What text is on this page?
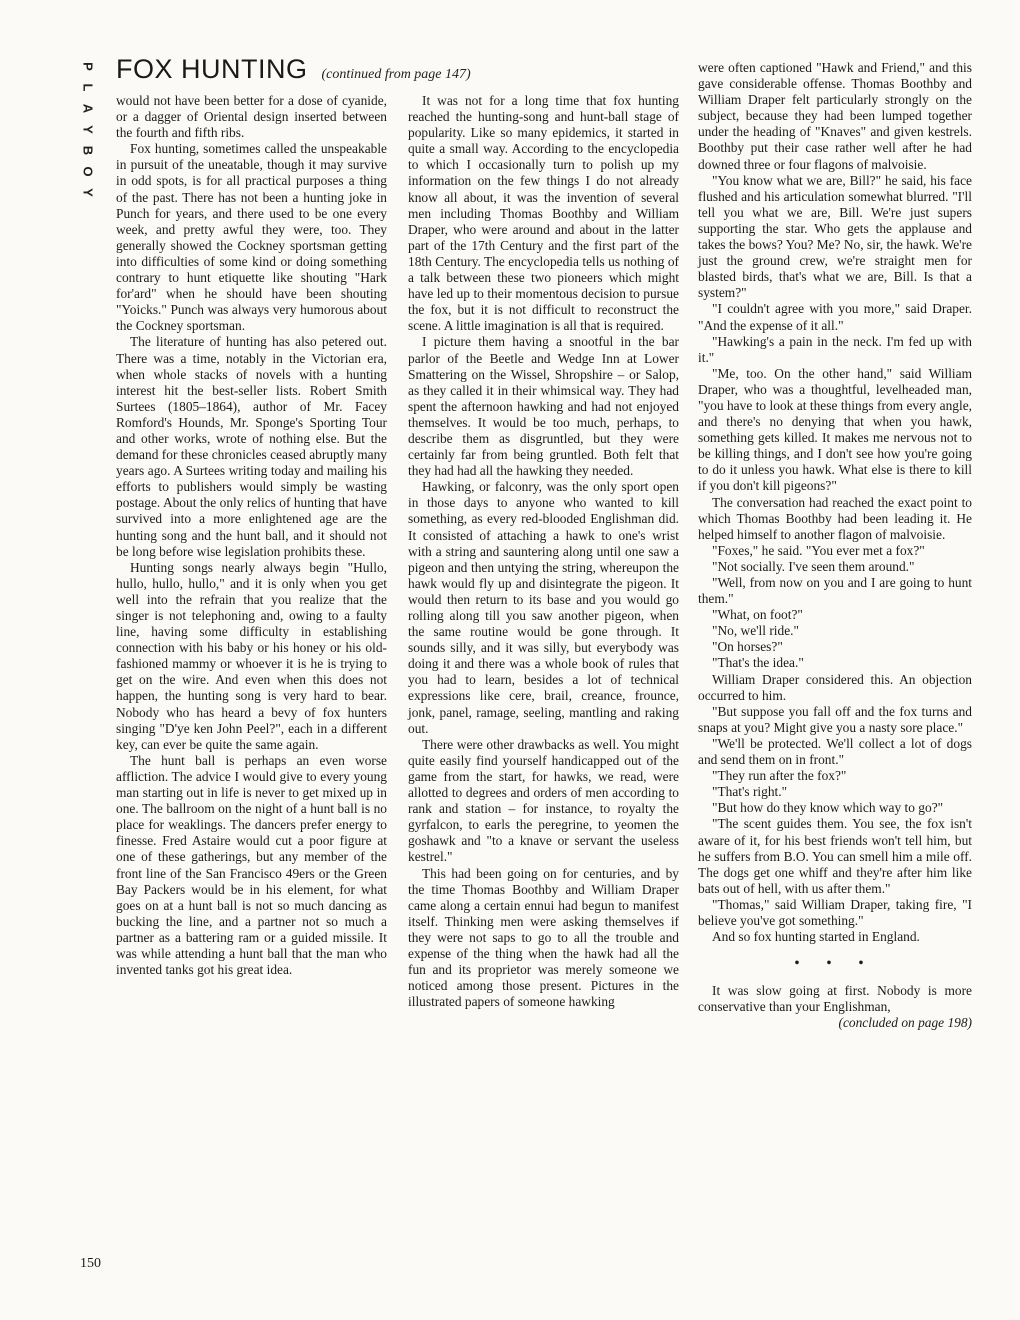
P
L
A
Y
B
O
Y
FOX HUNTING (continued from page 147)

would not have been better for a dose of cyanide, or a dagger of Oriental design inserted between the fourth and fifth ribs.

Fox hunting, sometimes called the unspeakable in pursuit of the uneatable, though it may survive in odd spots, is for all practical purposes a thing of the past. There has not been a hunting joke in Punch for years, and there used to be one every week, and pretty awful they were, too. They generally showed the Cockney sportsman getting into difficulties of some kind or doing something contrary to hunt etiquette like shouting "Hark for'ard" when he should have been shouting "Yoicks." Punch was always very humorous about the Cockney sportsman.

The literature of hunting has also petered out. There was a time, notably in the Victorian era, when whole stacks of novels with a hunting interest hit the best-seller lists. Robert Smith Surtees (1805–1864), author of Mr. Facey Romford's Hounds, Mr. Sponge's Sporting Tour and other works, wrote of nothing else. But the demand for these chronicles ceased abruptly many years ago. A Surtees writing today and mailing his efforts to publishers would simply be wasting postage. About the only relics of hunting that have survived into a more enlightened age are the hunting song and the hunt ball, and it should not be long before wise legislation prohibits these.

Hunting songs nearly always begin "Hullo, hullo, hullo, hullo," and it is only when you get well into the refrain that you realize that the singer is not telephoning and, owing to a faulty line, having some difficulty in establishing connection with his baby or his honey or his old-fashioned mammy or whoever it is he is trying to get on the wire. And even when this does not happen, the hunting song is very hard to bear. Nobody who has heard a bevy of fox hunters singing "D'ye ken John Peel?", each in a different key, can ever be quite the same again.

The hunt ball is perhaps an even worse affliction. The advice I would give to every young man starting out in life is never to get mixed up in one. The ballroom on the night of a hunt ball is no place for weaklings. The dancers prefer energy to finesse. Fred Astaire would cut a poor figure at one of these gatherings, but any member of the front line of the San Francisco 49ers or the Green Bay Packers would be in his element, for what goes on at a hunt ball is not so much dancing as bucking the line, and a partner not so much a partner as a battering ram or a guided missile. It was while attending a hunt ball that the man who invented tanks got his great idea.

It was not for a long time that fox hunting reached the hunting-song and hunt-ball stage of popularity. Like so many epidemics, it started in quite a small way. According to the encyclopedia to which I occasionally turn to polish up my information on the few things I do not already know all about, it was the invention of several men including Thomas Boothby and William Draper, who were around and about in the latter part of the 17th Century and the first part of the 18th Century. The encyclopedia tells us nothing of a talk between these two pioneers which might have led up to their momentous decision to pursue the fox, but it is not difficult to reconstruct the scene. A little imagination is all that is required.

I picture them having a snootful in the bar parlor of the Beetle and Wedge Inn at Lower Smattering on the Wissel, Shropshire – or Salop, as they called it in their whimsical way. They had spent the afternoon hawking and had not enjoyed themselves. It would be too much, perhaps, to describe them as disgruntled, but they were certainly far from being gruntled. Both felt that they had had all the hawking they needed.

Hawking, or falconry, was the only sport open in those days to anyone who wanted to kill something, as every red-blooded Englishman did. It consisted of attaching a hawk to one's wrist with a string and sauntering along until one saw a pigeon and then untying the string, whereupon the hawk would fly up and disintegrate the pigeon. It would then return to its base and you would go rolling along till you saw another pigeon, when the same routine would be gone through. It sounds silly, and it was silly, but everybody was doing it and there was a whole book of rules that you had to learn, besides a lot of technical expressions like cere, brail, creance, frounce, jonk, panel, ramage, seeling, mantling and raking out.

There were other drawbacks as well. You might quite easily find yourself handicapped out of the game from the start, for hawks, we read, were allotted to degrees and orders of men according to rank and station – for instance, to royalty the gyrfalcon, to earls the peregrine, to yeomen the goshawk and "to a knave or servant the useless kestrel."

This had been going on for centuries, and by the time Thomas Boothby and William Draper came along a certain ennui had begun to manifest itself. Thinking men were asking themselves if they were not saps to go to all the trouble and expense of the thing when the hawk had all the fun and its proprietor was merely someone we noticed among those present. Pictures in the illustrated papers of someone hawking

were often captioned "Hawk and Friend," and this gave considerable offense. Thomas Boothby and William Draper felt particularly strongly on the subject, because they had been lumped together under the heading of "Knaves" and given kestrels. Boothby put their case rather well after he had downed three or four flagons of malvoisie.

"You know what we are, Bill?" he said, his face flushed and his articulation somewhat blurred. "I'll tell you what we are, Bill. We're just supers supporting the star. Who gets the applause and takes the bows? You? Me? No, sir, the hawk. We're just the ground crew, we're straight men for blasted birds, that's what we are, Bill. Is that a system?"

"I couldn't agree with you more," said Draper. "And the expense of it all."

"Hawking's a pain in the neck. I'm fed up with it."

"Me, too. On the other hand," said William Draper, who was a thoughtful, levelheaded man, "you have to look at these things from every angle, and there's no denying that when you hawk, something gets killed. It makes me nervous not to be killing things, and I don't see how you're going to do it unless you hawk. What else is there to kill if you don't kill pigeons?"

The conversation had reached the exact point to which Thomas Boothby had been leading it. He helped himself to another flagon of malvoisie.

"Foxes," he said. "You ever met a fox?"

"Not socially. I've seen them around."

"Well, from now on you and I are going to hunt them."

"What, on foot?"

"No, we'll ride."

"On horses?"

"That's the idea."

William Draper considered this. An objection occurred to him.

"But suppose you fall off and the fox turns and snaps at you? Might give you a nasty sore place."

"We'll be protected. We'll collect a lot of dogs and send them on in front."

"They run after the fox?"

"That's right."

"But how do they know which way to go?"

"The scent guides them. You see, the fox isn't aware of it, for his best friends won't tell him, but he suffers from B.O. You can smell him a mile off. The dogs get one whiff and they're after him like bats out of hell, with us after them."

"Thomas," said William Draper, taking fire, "I believe you've got something."

And so fox hunting started in England.

• • •

It was slow going at first. Nobody is more conservative than your Englishman,

(concluded on page 198)
150
